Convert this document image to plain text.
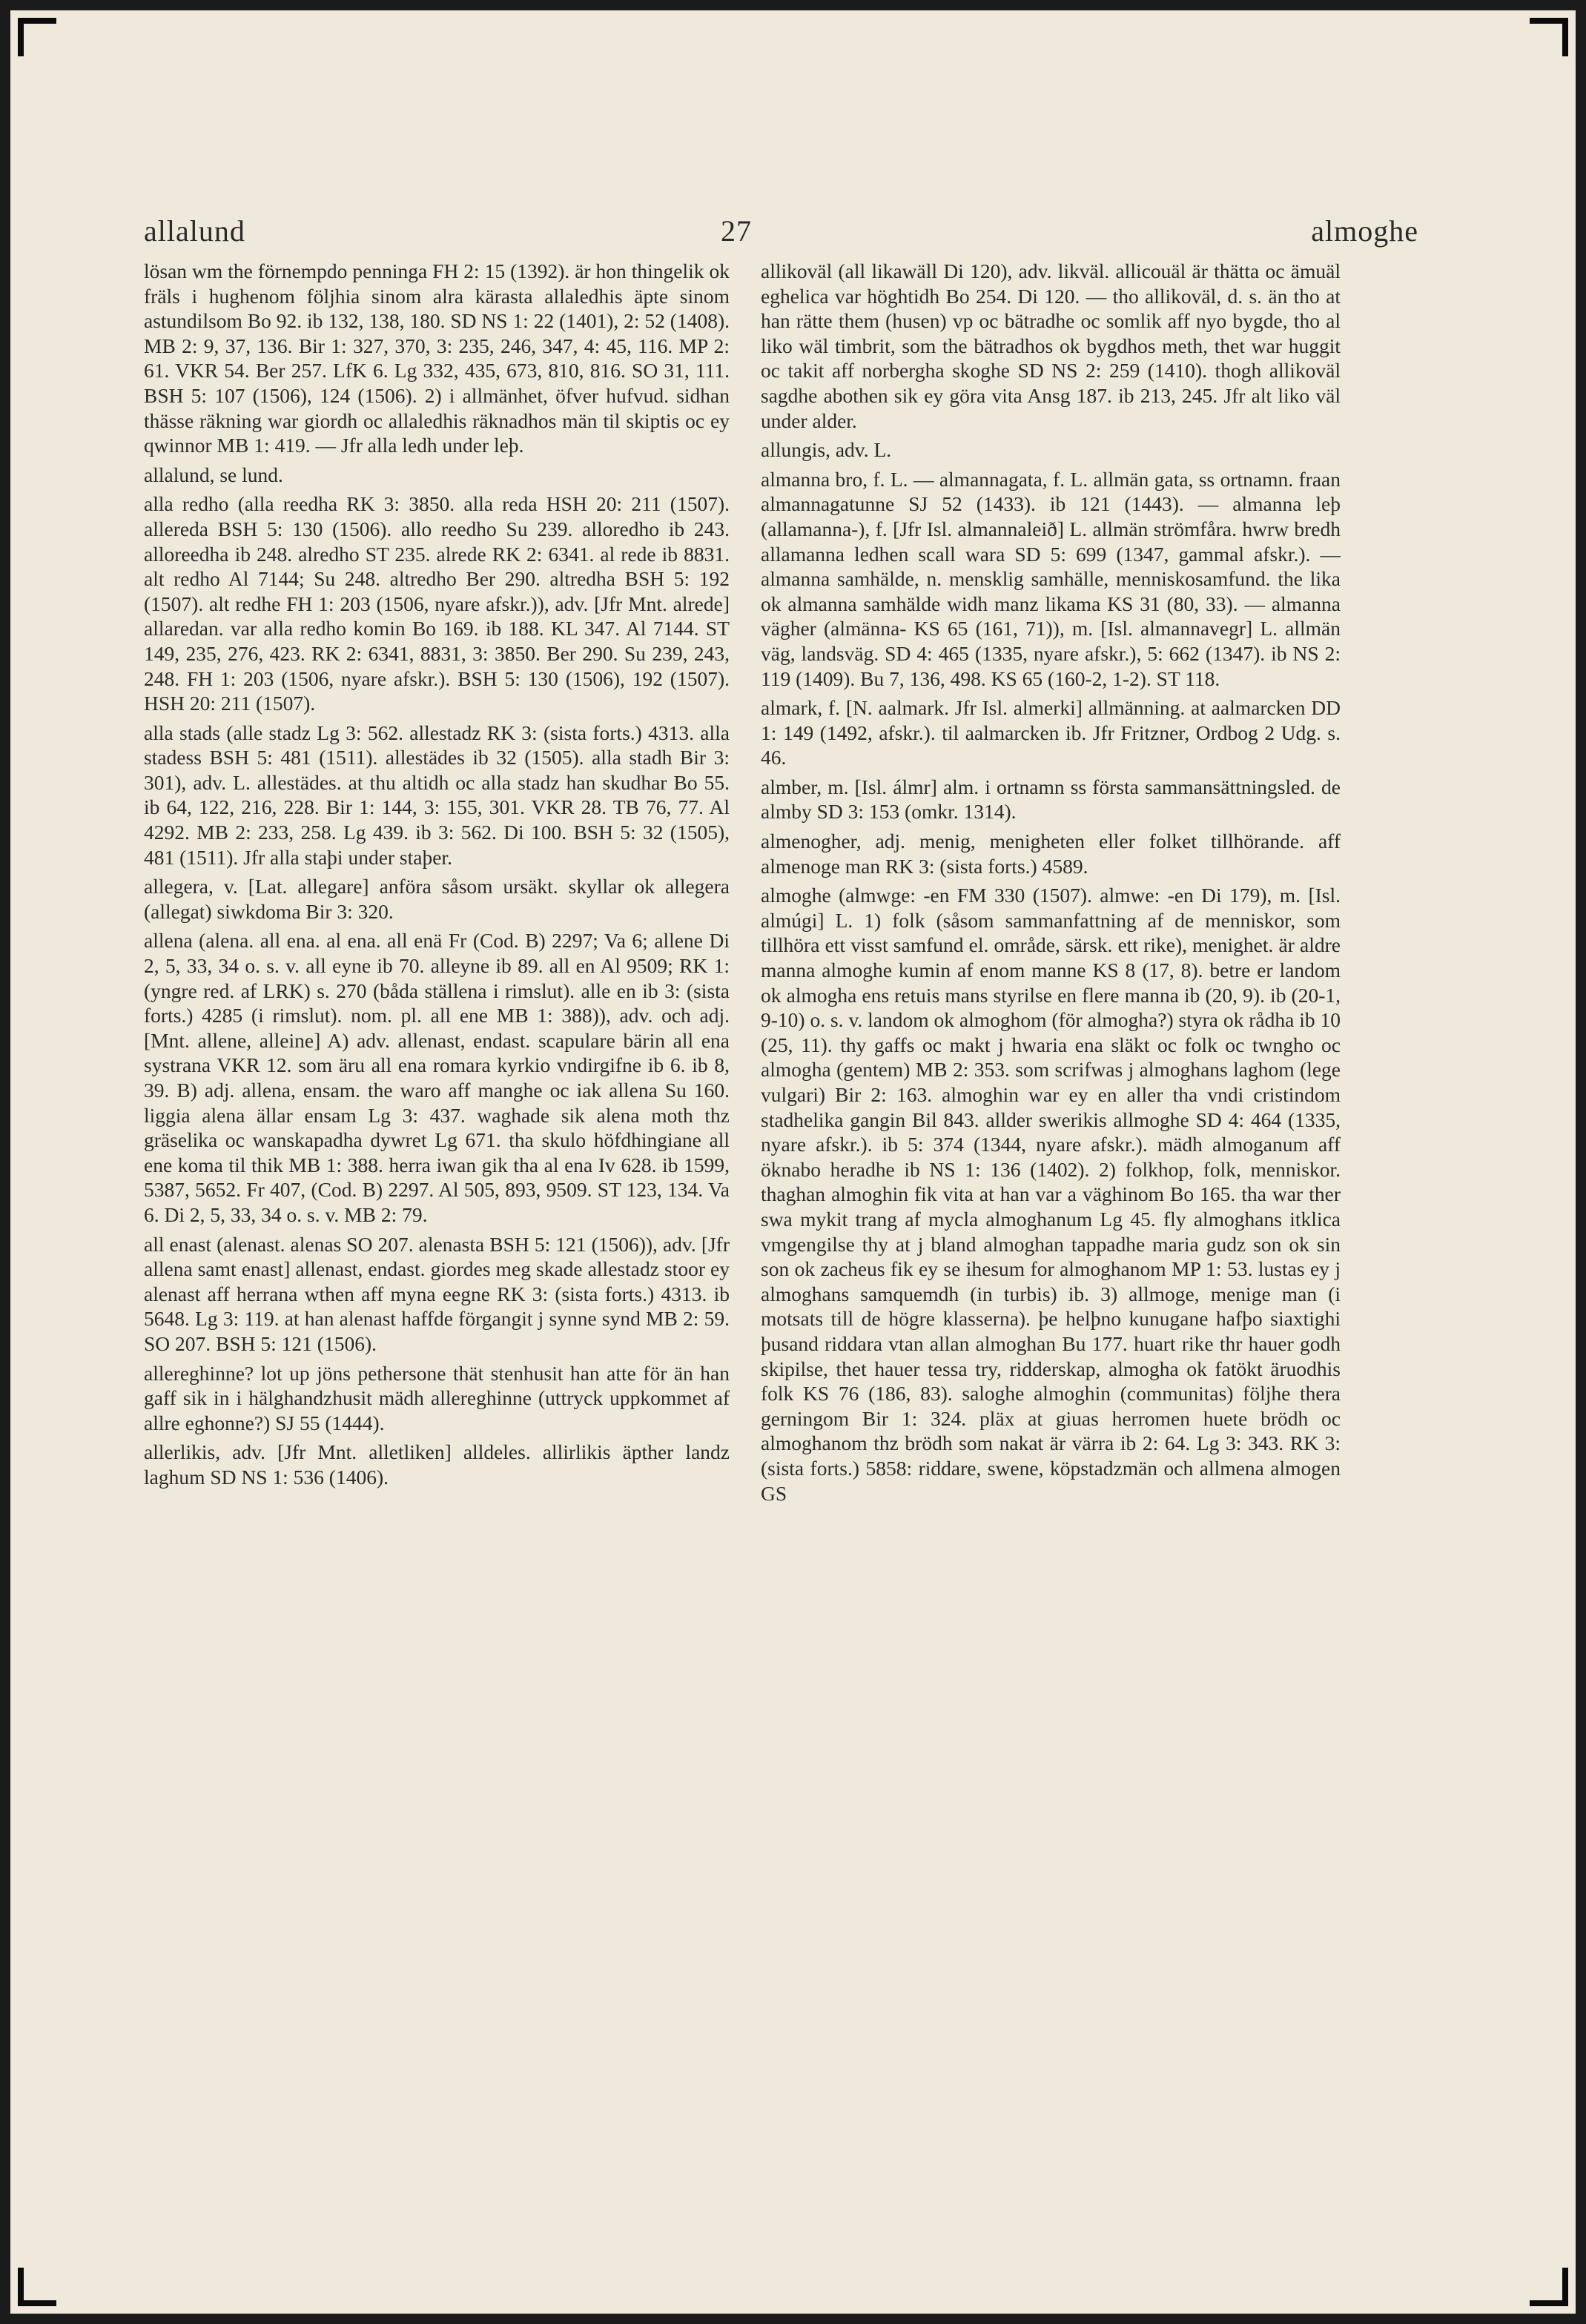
allalund	27	almoghe

lösan wm the förnempdo penninga FH 2: 15 (1392). är hon thingelik ok fräls i hughenom följhia sinom alra kärasta allaledhis äpte sinom astundilsom Bo 92. ib 132, 138, 180. SD NS 1: 22 (1401), 2: 52 (1408). MB 2: 9, 37, 136. Bir 1: 327, 370, 3: 235, 246, 347, 4: 45, 116. MP 2: 61. VKR 54. Ber 257. LfK 6. Lg 332, 435, 673, 810, 816. SO 31, 111. BSH 5: 107 (1506), 124 (1506). 2) i allmänhet, öfver hufvud. sidhan thässe räkning war giordh oc allaledhis räknadhos män til skiptis oc ey qwinnor MB 1: 419. — Jfr alla ledh under leþ.

allalund, se lund.

alla redho (alla reedha RK 3: 3850. alla reda HSH 20: 211 (1507). allereda BSH 5: 130 (1506). allo reedho Su 239. alloredho ib 243. alloreedha ib 248. alredho ST 235. alrede RK 2: 6341. al rede ib 8831. alt redho Al 7144; Su 248. altredho Ber 290. altredha BSH 5: 192 (1507). alt redhe FH 1: 203 (1506, nyare afskr.)), adv. [Jfr Mnt. alrede] allaredan. var alla redho komin Bo 169. ib 188. KL 347. Al 7144. ST 149, 235, 276, 423. RK 2: 6341, 8831, 3: 3850. Ber 290. Su 239, 243, 248. FH 1: 203 (1506, nyare afskr.). BSH 5: 130 (1506), 192 (1507). HSH 20: 211 (1507).

alla stads (alle stadz Lg 3: 562. allestadz RK 3: (sista forts.) 4313. alla stadess BSH 5: 481 (1511). allestädes ib 32 (1505). alla stadh Bir 3: 301), adv. L. allestädes. at thu altidh oc alla stadz han skudhar Bo 55. ib 64, 122, 216, 228. Bir 1: 144, 3: 155, 301. VKR 28. TB 76, 77. Al 4292. MB 2: 233, 258. Lg 439. ib 3: 562. Di 100. BSH 5: 32 (1505), 481 (1511). Jfr alla staþi under staþer.

allegera, v. [Lat. allegare] anföra såsom ursäkt. skyllar ok allegera (allegat) siwkdoma Bir 3: 320.

allena (alena. all ena. al ena. all enä Fr (Cod. B) 2297; Va 6; allene Di 2, 5, 33, 34 o. s. v. all eyne ib 70. alleyne ib 89. all en Al 9509; RK 1: (yngre red. af LRK) s. 270 (båda ställena i rimslut). alle en ib 3: (sista forts.) 4285 (i rimslut). nom. pl. all ene MB 1: 388)), adv. och adj. [Mnt. allene, alleine] A) adv. allenast, endast. scapulare bärin all ena systrana VKR 12. som äru all ena romara kyrkio vndirgifne ib 6. ib 8, 39. B) adj. allena, ensam. the waro aff manghe oc iak allena Su 160. liggia alena ällar ensam Lg 3: 437. waghade sik alena moth thz gräselika oc wanskapadha dywret Lg 671. tha skulo höfdhingiane all ene koma til thik MB 1: 388. herra iwan gik tha al ena Iv 628. ib 1599, 5387, 5652. Fr 407, (Cod. B) 2297. Al 505, 893, 9509. ST 123, 134. Va 6. Di 2, 5, 33, 34 o. s. v. MB 2: 79.

all enast (alenast. alenas SO 207. alenasta BSH 5: 121 (1506)), adv. [Jfr allena samt enast] allenast, endast. giordes meg skade allestadz stoor ey alenast aff herrana wthen aff myna eegne RK 3: (sista forts.) 4313. ib 5648. Lg 3: 119. at han alenast haffde förgangit j synne synd MB 2: 59. SO 207. BSH 5: 121 (1506).

allereghinne? lot up jöns pethersone thät stenhusit han atte för än han gaff sik in i hälghandzhusit mädh allereghinne (uttryck uppkommet af allre eghonne?) SJ 55 (1444).

allerlikis, adv. [Jfr Mnt. alletliken] alldeles. allirlikis äpther landz laghum SD NS 1: 536 (1406).

allikoväl (all likawäll Di 120), adv. likväl. allicouäl är thätta oc ämuäl eghelica var höghtidh Bo 254. Di 120. — tho allikoväl, d. s. än tho at han rätte them (husen) vp oc bätradhe oc somlik aff nyo bygde, tho al liko wäl timbrit, som the bätradhos ok bygdhos meth, thet war huggit oc takit aff norbergha skoghe SD NS 2: 259 (1410). thogh allikoväl sagdhe abothen sik ey göra vita Ansg 187. ib 213, 245. Jfr alt liko väl under alder.

allungis, adv. L.

almanna bro, f. L. — almannagata, f. L. allmän gata, ss ortnamn. fraan almannagatunne SJ 52 (1433). ib 121 (1443). — almanna leþ (allamanna-), f. [Jfr Isl. almannaleið] L. allmän strömfåra. hwrw bredh allamanna ledhen scall wara SD 5: 699 (1347, gammal afskr.). — almanna samhälde, n. mensklig samhälle, menniskosamfund. the lika ok almanna samhälde widh manz likama KS 31 (80, 33). — almanna vägher (almänna- KS 65 (161, 71)), m. [Isl. almannavegr] L. allmän väg, landsväg. SD 4: 465 (1335, nyare afskr.), 5: 662 (1347). ib NS 2: 119 (1409). Bu 7, 136, 498. KS 65 (160-2, 1-2). ST 118.

almark, f. [N. aalmark. Jfr Isl. almerki] allmänning. at aalmarcken DD 1: 149 (1492, afskr.). til aalmarcken ib. Jfr Fritzner, Ordbog 2 Udg. s. 46.

almber, m. [Isl. álmr] alm. i ortnamn ss första sammansättningsled. de almby SD 3: 153 (omkr. 1314).

almenogher, adj. menig, menigheten eller folket tillhörande. aff almenoge man RK 3: (sista forts.) 4589.

almoghe (almwge: -en FM 330 (1507). almwe: -en Di 179), m. [Isl. almúgi] L. 1) folk (såsom sammanfattning af de menniskor, som tillhöra ett visst samfund el. område, särsk. ett rike), menighet. är aldre manna almoghe kumin af enom manne KS 8 (17, 8). betre er landom ok almogha ens retuis mans styrilse en flere manna ib (20, 9). ib (20-1, 9-10) o. s. v. landom ok almoghom (för almogha?) styra ok rådha ib 10 (25, 11). thy gaffs oc makt j hwaria ena släkt oc folk oc twngho oc almogha (gentem) MB 2: 353. som scrifwas j almoghans laghom (lege vulgari) Bir 2: 163. almoghin war ey en aller tha vndi cristindom stadhelika gangin Bil 843. allder swerikis allmoghe SD 4: 464 (1335, nyare afskr.). ib 5: 374 (1344, nyare afskr.). mädh almoganum aff öknabo heradhe ib NS 1: 136 (1402). 2) folkhop, folk, menniskor. thaghan almoghin fik vita at han var a väghinom Bo 165. tha war ther swa mykit trang af mycla almoghanum Lg 45. fly almoghans itklica vmgengilse thy at j bland almoghan tappadhe maria gudz son ok sin son ok zacheus fik ey se ihesum for almoghanom MP 1: 53. lustas ey j almoghans samquemdh (in turbis) ib. 3) allmoge, menige man (i motsats till de högre klasserna). þe helþno kunugane hafþo siaxtighi þusand riddara vtan allan almoghan Bu 177. huart rike thr hauer godh skipilse, thet hauer tessa try, ridderskap, almogha ok fatökt äruodhis folk KS 76 (186, 83). saloghe almoghin (communitas) följhe thera gerningom Bir 1: 324. pläx at giuas herromen huete brödh oc almoghanom thz brödh som nakat är värra ib 2: 64. Lg 3: 343. RK 3: (sista forts.) 5858: riddare, swene, köpstadzmän och allmena almogen GS
